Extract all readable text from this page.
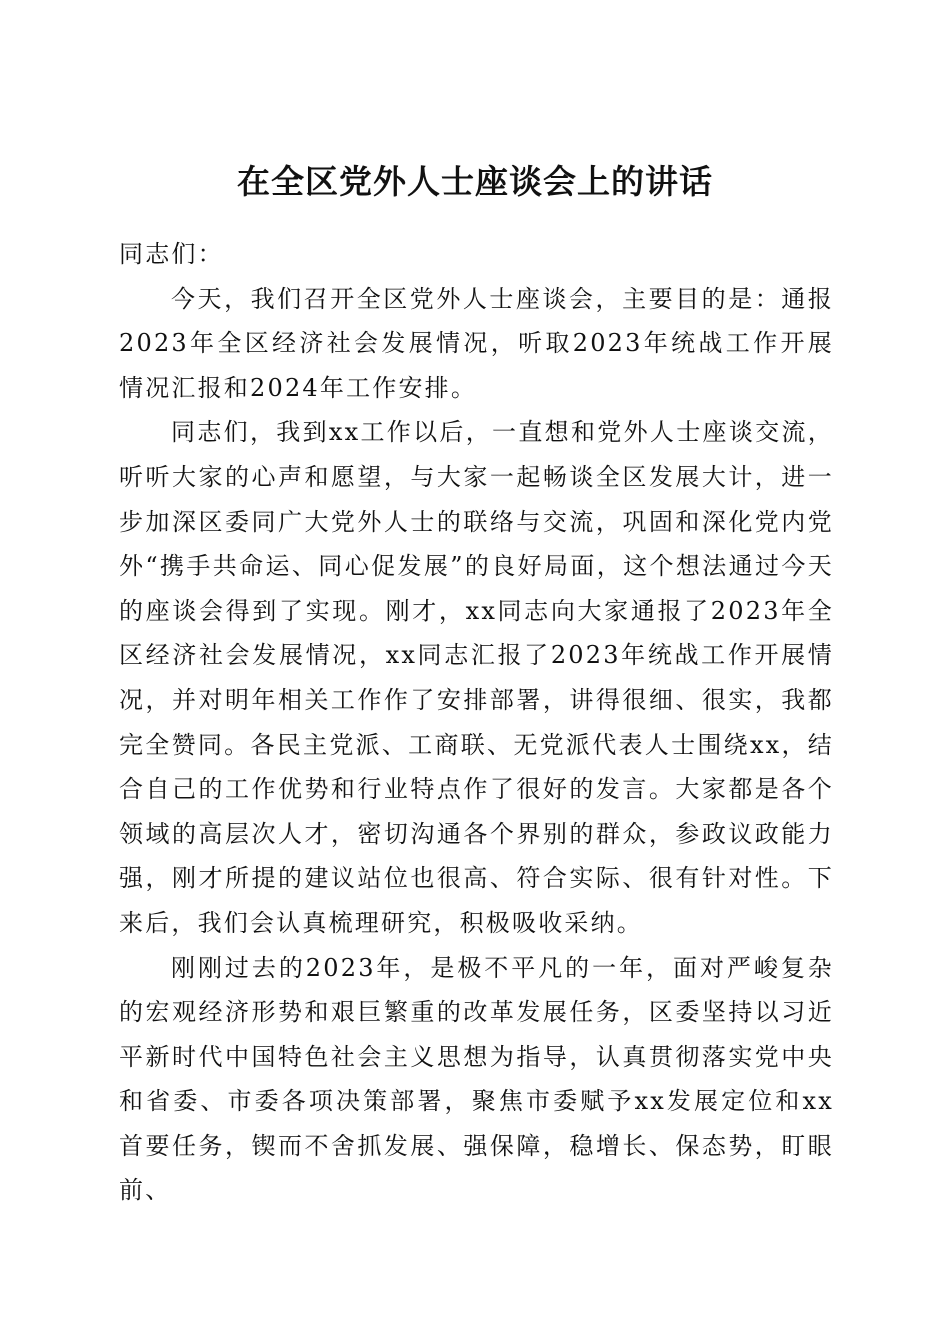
在全区党外人士座谈会上的讲话

同志们：

今天，我们召开全区党外人士座谈会，主要目的是：通报2023年全区经济社会发展情况，听取2023年统战工作开展情况汇报和2024年工作安排。

同志们，我到xx工作以后，一直想和党外人士座谈交流，听听大家的心声和愿望，与大家一起畅谈全区发展大计，进一步加深区委同广大党外人士的联络与交流，巩固和深化党内党外“携手共命运、同心促发展”的良好局面，这个想法通过今天的座谈会得到了实现。刚才，xx同志向大家通报了2023年全区经济社会发展情况，xx同志汇报了2023年统战工作开展情况，并对明年相关工作作了安排部署，讲得很细、很实，我都完全赞同。各民主党派、工商联、无党派代表人士围绕xx，结合自己的工作优势和行业特点作了很好的发言。大家都是各个领域的高层次人才，密切沟通各个界别的群众，参政议政能力强，刚才所提的建议站位也很高、符合实际、很有针对性。下来后，我们会认真梳理研究，积极吸收采纳。

刚刚过去的2023年，是极不平凡的一年，面对严峻复杂的宏观经济形势和艰巨繁重的改革发展任务，区委坚持以习近平新时代中国特色社会主义思想为指导，认真贯彻落实党中央和省委、市委各项决策部署，聚焦市委赋予xx发展定位和xx首要任务，锲而不舍抓发展、强保障，稳增长、保态势，盯眼前、
